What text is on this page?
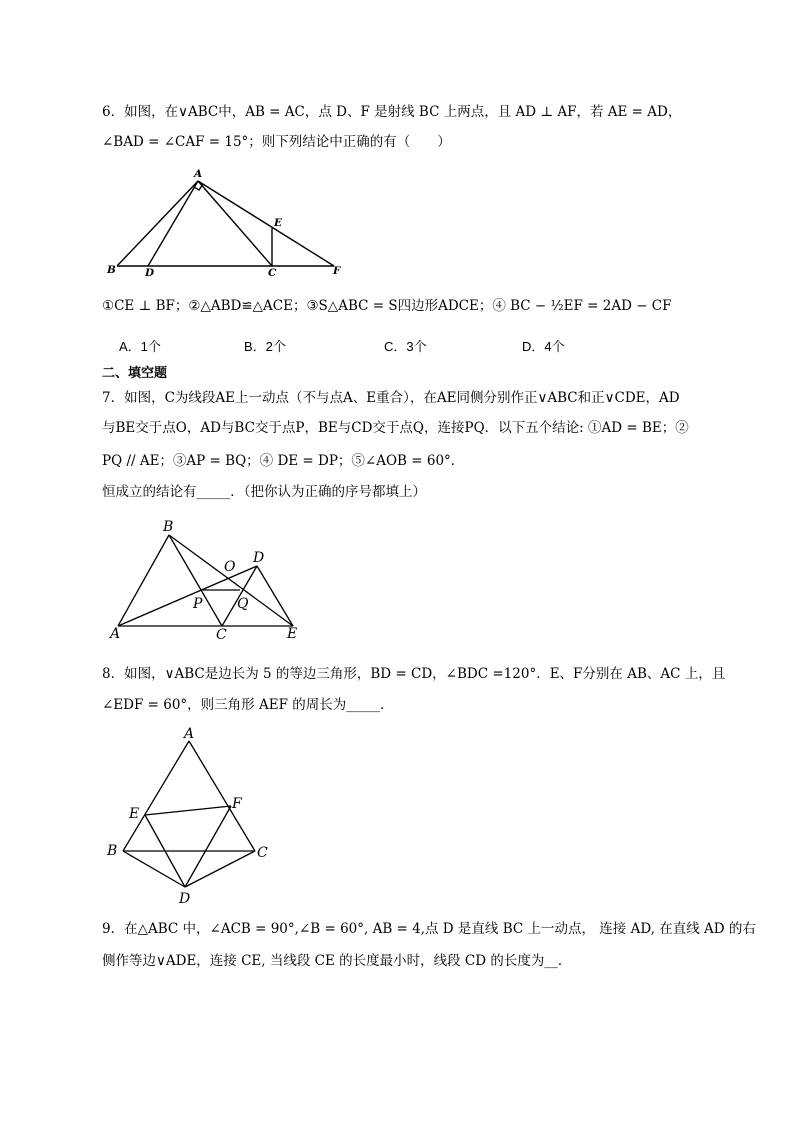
6．如图，在∨ABC中，AB = AC，点 D、F 是射线 BC 上两点，且 AD ⊥ AF，若 AE = AD，
∠BAD = ∠CAF = 15°；则下列结论中正确的有（　　）
A
B	D	C
E
F
①CE ⊥ BF；②△ABD≌△ACE；③S△ABC = S四边形ADCE；④ BC − ½EF = 2AD − CF
A．1个	B．2个	C．3个	D．4个
二、填空题
7．如图，C为线段AE上一动点（不与点A、E重合），在AE同侧分别作正∨ABC和正∨CDE，AD
与BE交于点O，AD与BC交于点P，BE与CD交于点Q，连接PQ．以下五个结论: ①AD = BE；②
PQ // AE；③AP = BQ；④ DE = DP；⑤∠AOB = 60°．
恒成立的结论有_____．（把你认为正确的序号都填上）
B
A	C	E
D
O
P Q
8．如图，∨ABC是边长为 5 的等边三角形，BD = CD，∠BDC =120°．E、F分别在 AB、AC 上，且
∠EDF = 60°，则三角形 AEF 的周长为_____．
A
E
F
B	C
D
9．在△ABC 中，∠ACB = 90°,∠B = 60°, AB = 4,点 D 是直线 BC 上一动点， 连接 AD, 在直线 AD 的右
侧作等边∨ADE，连接 CE, 当线段 CE 的长度最小时，线段 CD 的长度为__．
